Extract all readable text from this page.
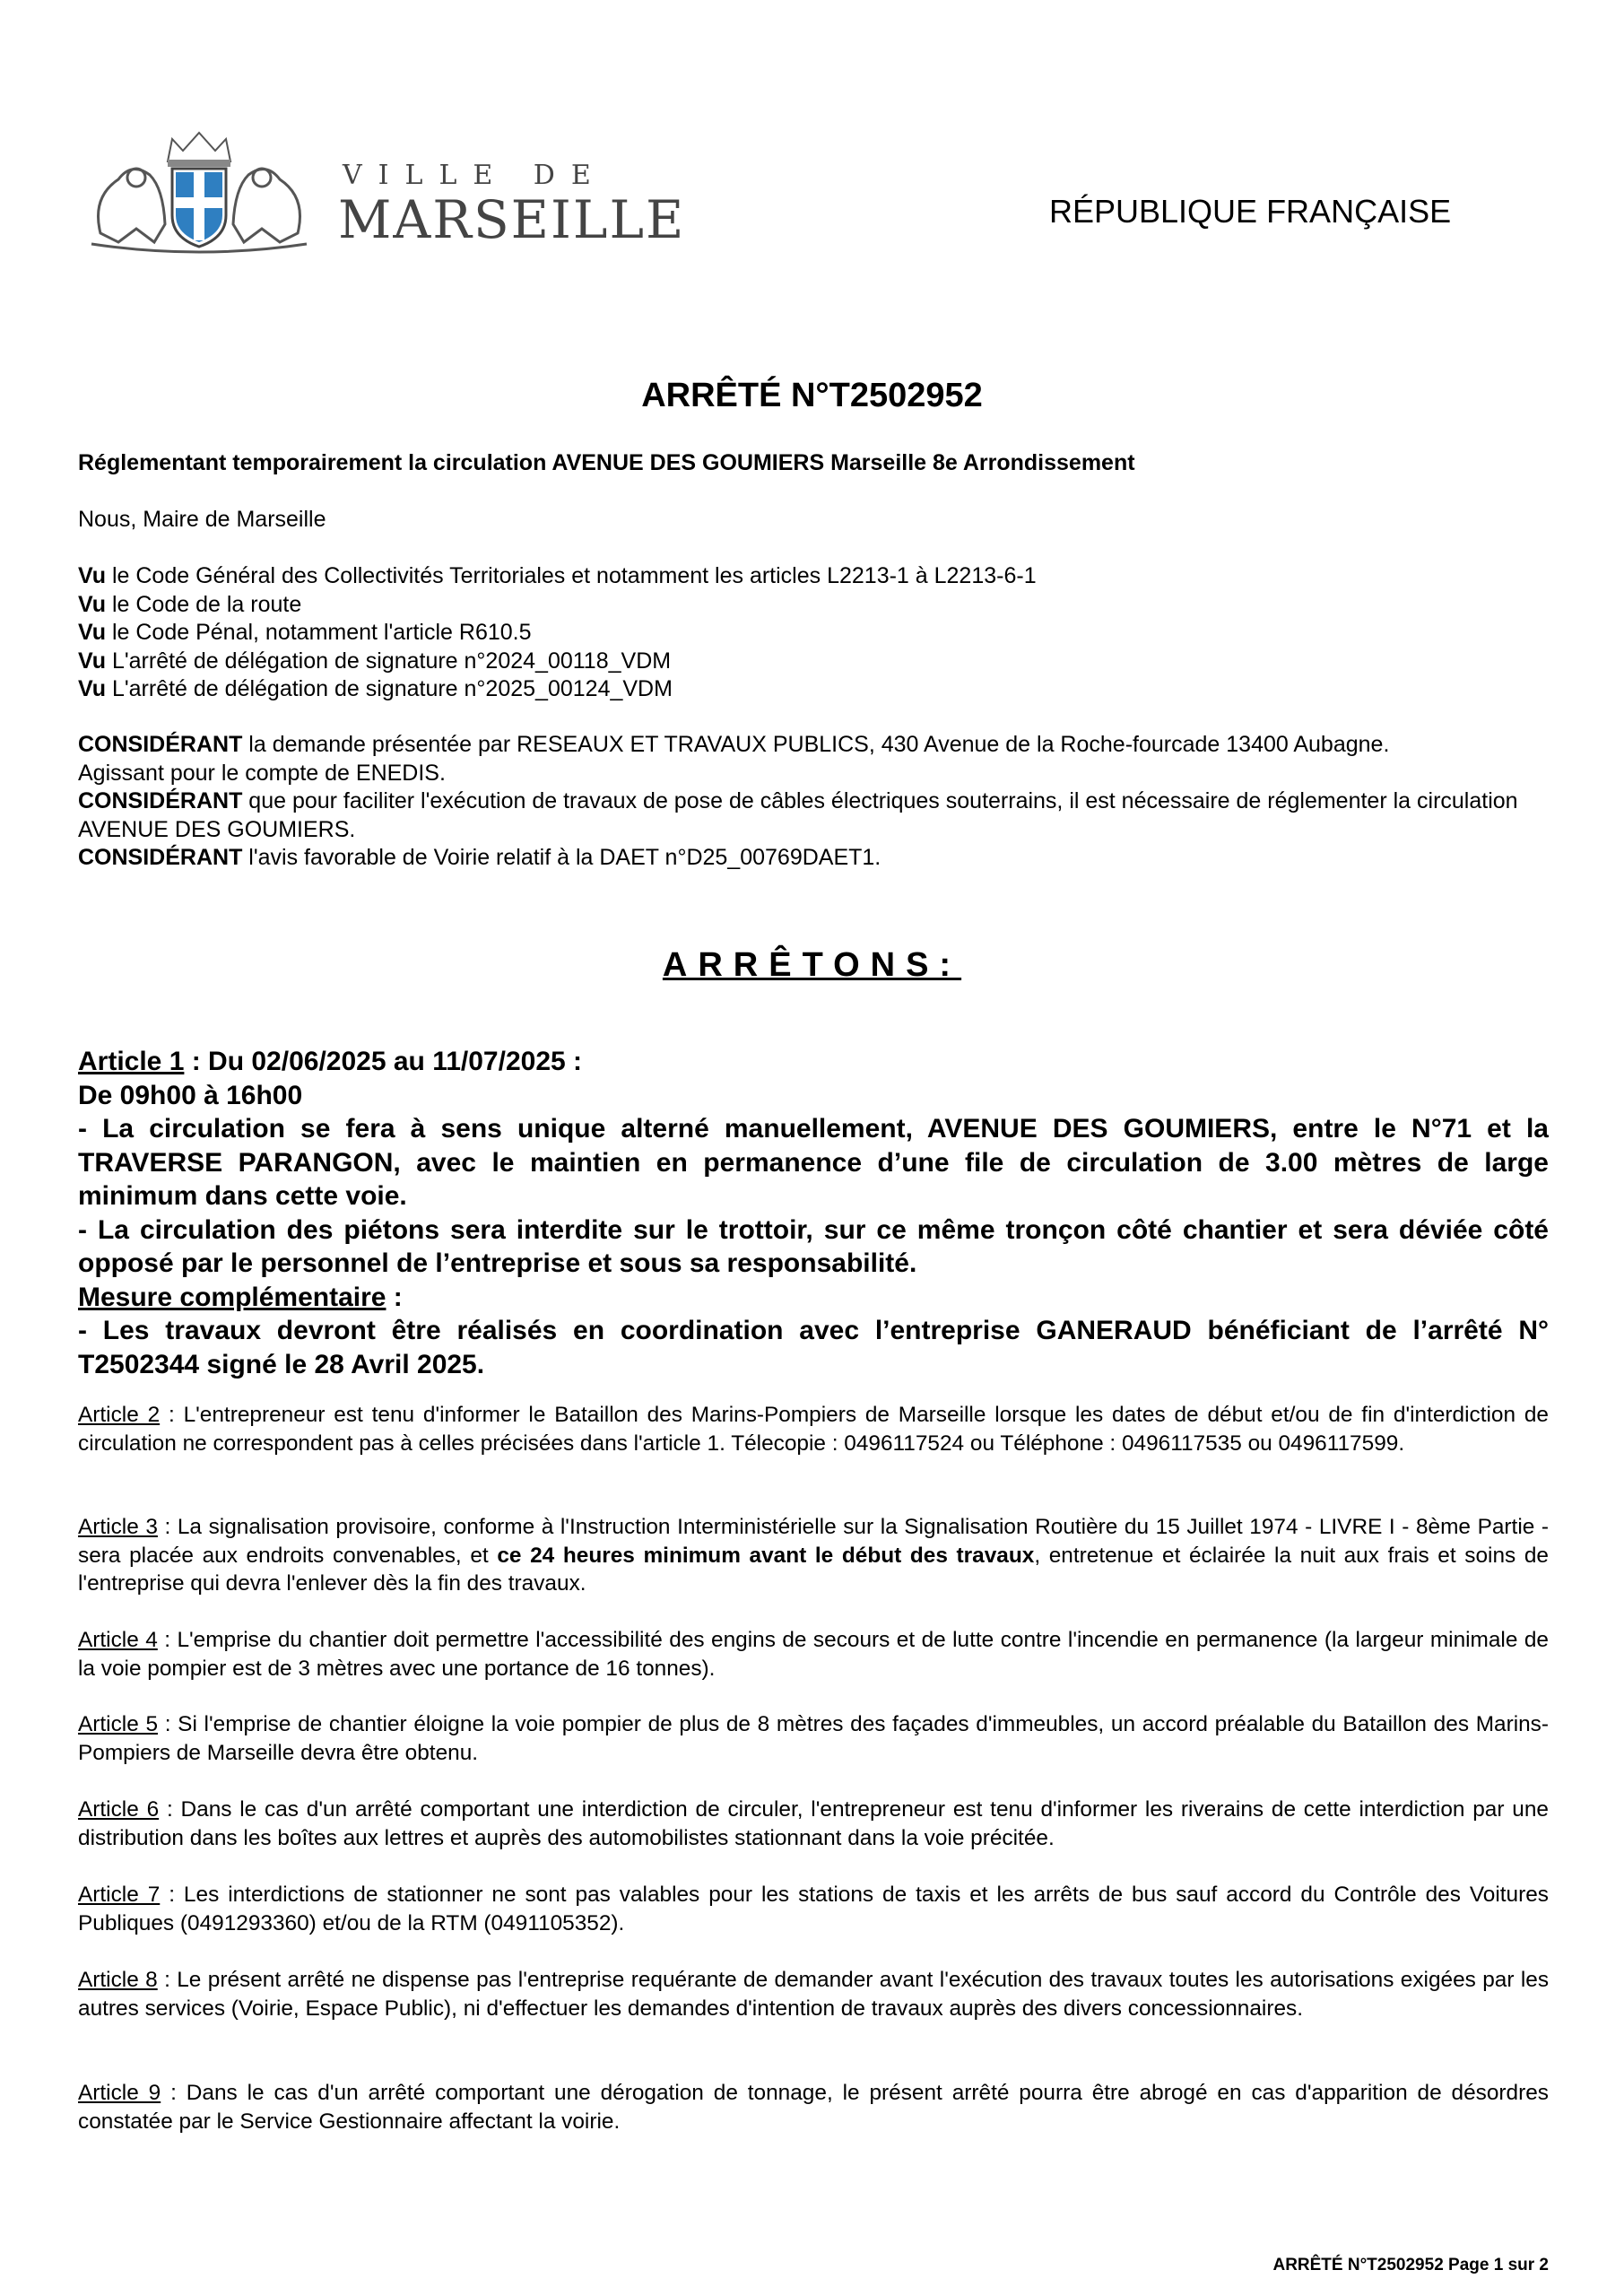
VILLE DE
MARSEILLE	RÉPUBLIQUE FRANÇAISE
ARRÊTÉ N°T2502952
Réglementant temporairement la circulation AVENUE DES GOUMIERS Marseille 8e Arrondissement
Nous, Maire de Marseille
Vu le Code Général des Collectivités Territoriales et notamment les articles L2213-1 à L2213-6-1
Vu le Code de la route
Vu le Code Pénal, notamment l'article R610.5
Vu L'arrêté de délégation de signature n°2024_00118_VDM
Vu L'arrêté de délégation de signature n°2025_00124_VDM
CONSIDÉRANT la demande présentée par RESEAUX ET TRAVAUX PUBLICS, 430 Avenue de la Roche-fourcade 13400 Aubagne.
Agissant pour le compte de ENEDIS.
CONSIDÉRANT que pour faciliter l'exécution de travaux de pose de câbles électriques souterrains, il est nécessaire de réglementer la circulation AVENUE DES GOUMIERS.
CONSIDÉRANT l'avis favorable de Voirie relatif à la DAET n°D25_00769DAET1.
ARRÊTONS:
Article 1 : Du 02/06/2025 au 11/07/2025 :
De 09h00 à 16h00
- La circulation se fera à sens unique alterné manuellement, AVENUE DES GOUMIERS, entre le N°71 et la TRAVERSE PARANGON, avec le maintien en permanence d’une file de circulation de 3.00 mètres de large minimum dans cette voie.
- La circulation des piétons sera interdite sur le trottoir, sur ce même tronçon côté chantier et sera déviée côté opposé par le personnel de l’entreprise et sous sa responsabilité.
Mesure complémentaire :
- Les travaux devront être réalisés en coordination avec l’entreprise GANERAUD bénéficiant de l’arrêté N° T2502344 signé le 28 Avril 2025.
Article 2 : L'entrepreneur est tenu d'informer le Bataillon des Marins-Pompiers de Marseille lorsque les dates de début et/ou de fin d'interdiction de circulation ne correspondent pas à celles précisées dans l'article 1. Télecopie : 0496117524 ou Téléphone : 0496117535 ou 0496117599.
Article 3 : La signalisation provisoire, conforme à l'Instruction Interministérielle sur la Signalisation Routière du 15 Juillet 1974 - LIVRE I - 8ème Partie - sera placée aux endroits convenables, et ce 24 heures minimum avant le début des travaux, entretenue et éclairée la nuit aux frais et soins de l'entreprise qui devra l'enlever dès la fin des travaux.
Article 4 : L'emprise du chantier doit permettre l'accessibilité des engins de secours et de lutte contre l'incendie en permanence (la largeur minimale de la voie pompier est de 3 mètres avec une portance de 16 tonnes).
Article 5 : Si l'emprise de chantier éloigne la voie pompier de plus de 8 mètres des façades d'immeubles, un accord préalable du Bataillon des Marins-Pompiers de Marseille devra être obtenu.
Article 6 : Dans le cas d'un arrêté comportant une interdiction de circuler, l'entrepreneur est tenu d'informer les riverains de cette interdiction par une distribution dans les boîtes aux lettres et auprès des automobilistes stationnant dans la voie précitée.
Article 7 : Les interdictions de stationner ne sont pas valables pour les stations de taxis et les arrêts de bus sauf accord du Contrôle des Voitures Publiques (0491293360) et/ou de la RTM (0491105352).
Article 8 : Le présent arrêté ne dispense pas l'entreprise requérante de demander avant l'exécution des travaux toutes les autorisations exigées par les autres services (Voirie, Espace Public), ni d'effectuer les demandes d'intention de travaux auprès des divers concessionnaires.
Article 9 : Dans le cas d'un arrêté comportant une dérogation de tonnage, le présent arrêté pourra être abrogé en cas d'apparition de désordres constatée par le Service Gestionnaire affectant la voirie.
ARRÊTÉ N°T2502952 Page 1 sur 2
